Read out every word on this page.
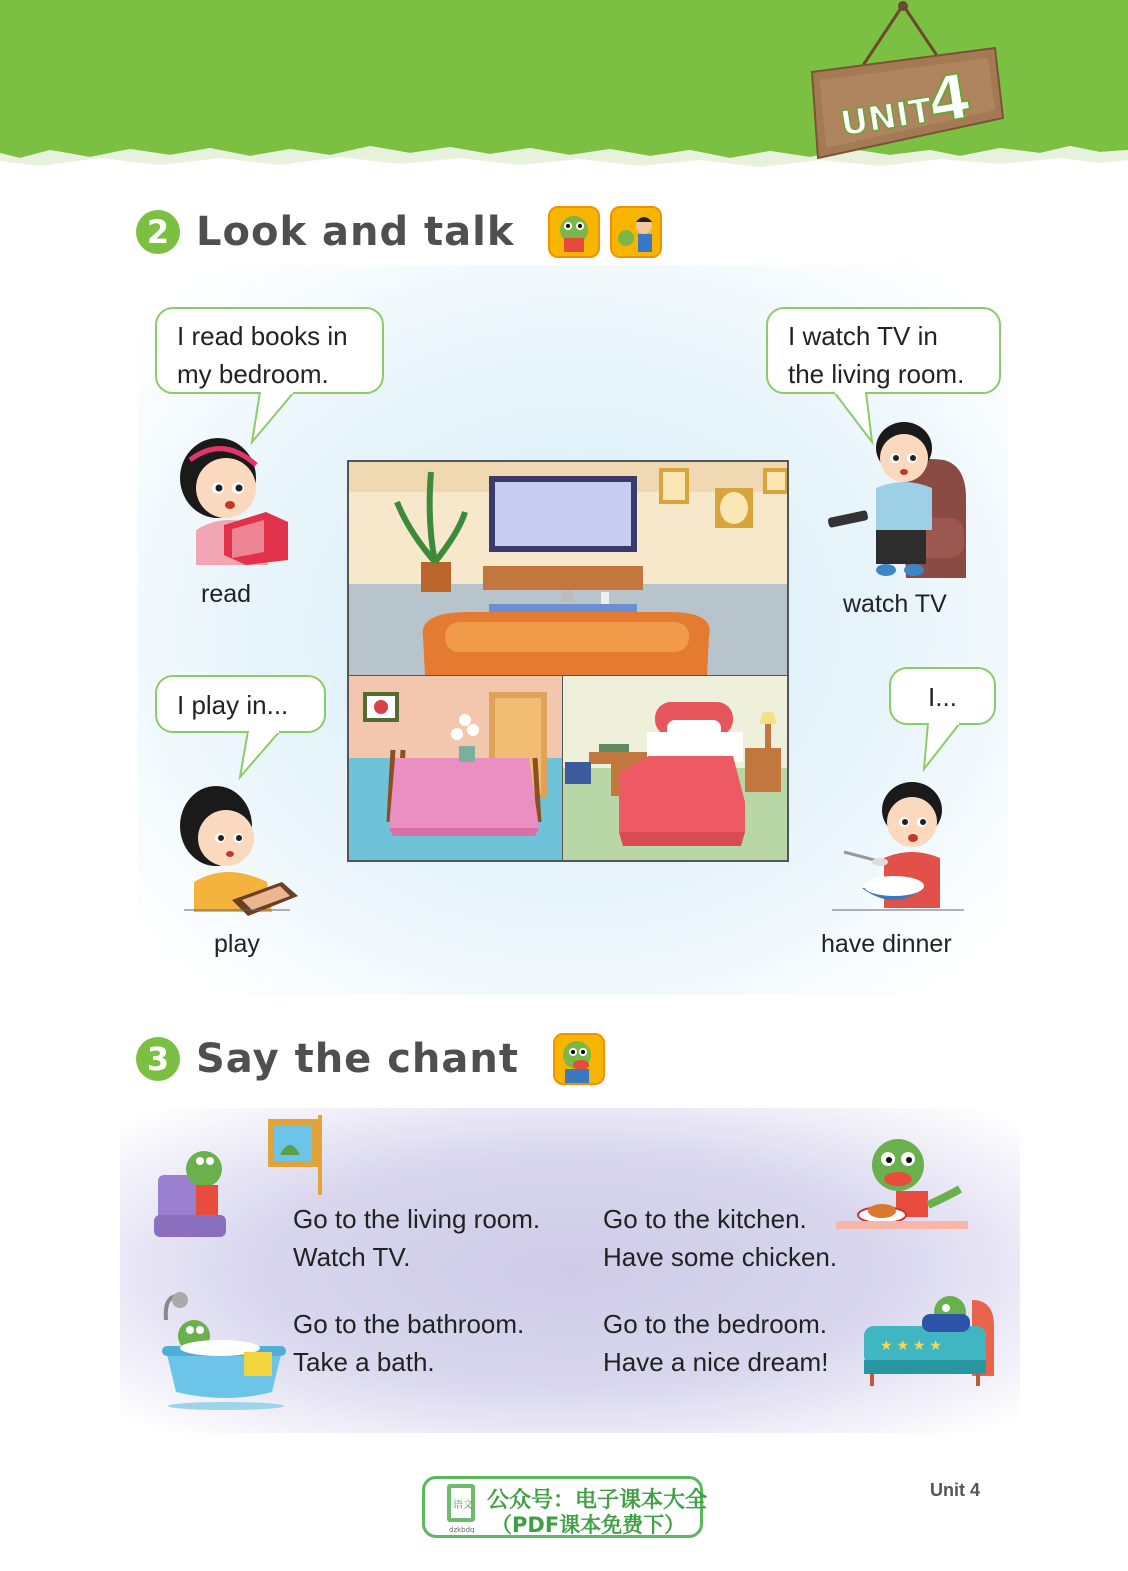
UNIT
4
2 Look and talk
I read books in
my bedroom.
I watch TV in
the living room.
I play in...	I...
read	watch TV
play	have dinner
3 Say the chant
★ ★ ★ ★
Go to the living room.
Watch TV.
Go to the kitchen.
Have some chicken.
Go to the bathroom.
Take a bath.
Go to the bedroom.
Have a nice dream!
语文
dzkbdq
公众号：电子课本大全
（PDF课本免费下）
Unit 4
